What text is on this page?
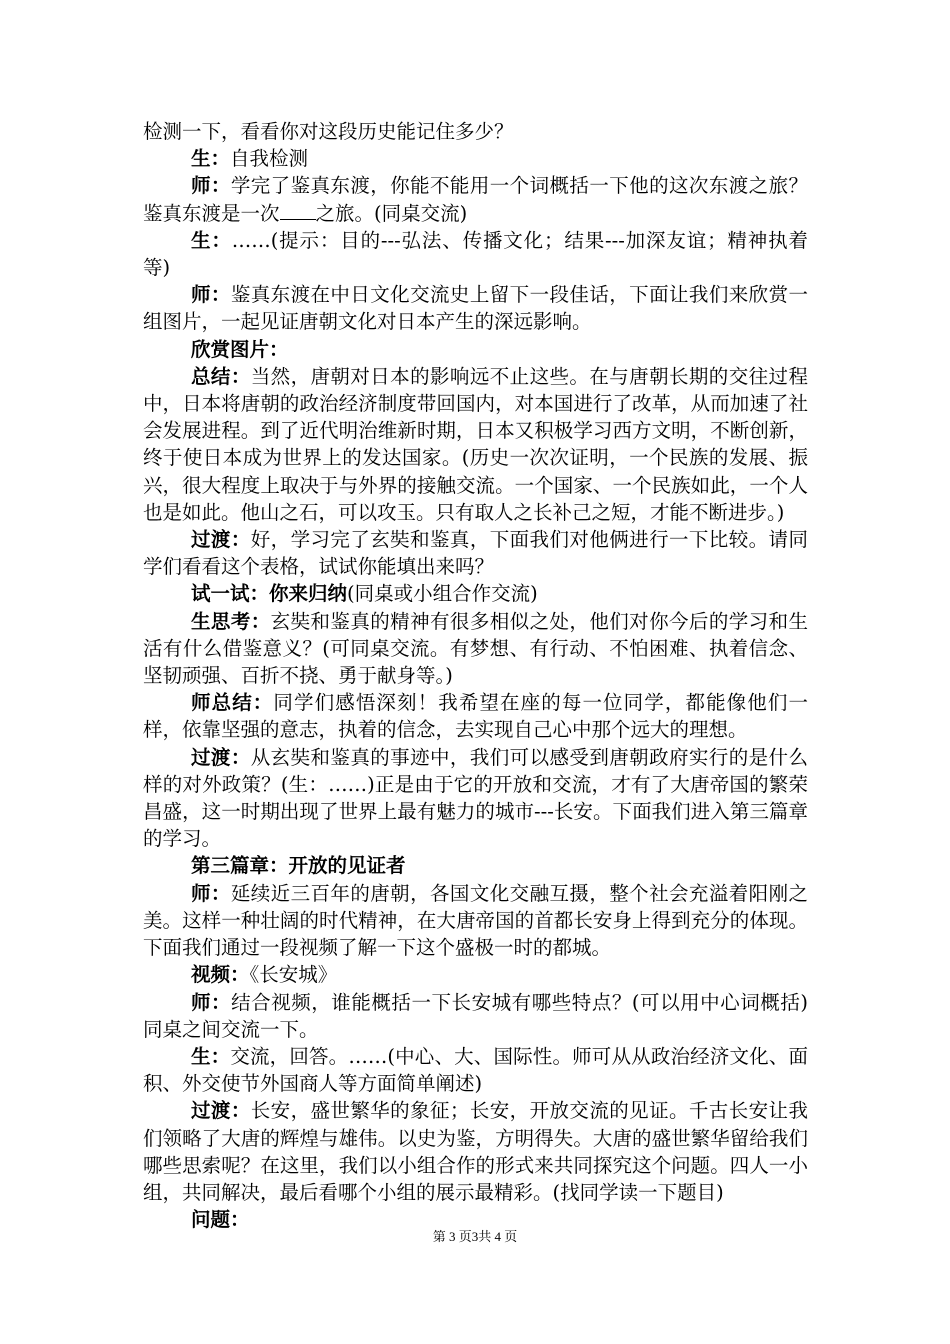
检测一下，看看你对这段历史能记住多少？

生：自我检测

师：学完了鉴真东渡，你能不能用一个词概括一下他的这次东渡之旅？鉴真东渡是一次 之旅。(同桌交流)

生：……(提示：目的---弘法、传播文化；结果---加深友谊；精神执着等)

师：鉴真东渡在中日文化交流史上留下一段佳话，下面让我们来欣赏一组图片，一起见证唐朝文化对日本产生的深远影响。

欣赏图片：

总结：当然，唐朝对日本的影响远不止这些。在与唐朝长期的交往过程中，日本将唐朝的政治经济制度带回国内，对本国进行了改革，从而加速了社会发展进程。到了近代明治维新时期，日本又积极学习西方文明，不断创新，终于使日本成为世界上的发达国家。(历史一次次证明，一个民族的发展、振兴，很大程度上取决于与外界的接触交流。一个国家、一个民族如此，一个人也是如此。他山之石，可以攻玉。只有取人之长补己之短，才能不断进步。)

过渡：好，学习完了玄奘和鉴真，下面我们对他俩进行一下比较。请同学们看看这个表格，试试你能填出来吗？

试一试：你来归纳(同桌或小组合作交流)

生思考：玄奘和鉴真的精神有很多相似之处，他们对你今后的学习和生活有什么借鉴意义？(可同桌交流。有梦想、有行动、不怕困难、执着信念、坚韧顽强、百折不挠、勇于献身等。)

师总结：同学们感悟深刻！我希望在座的每一位同学，都能像他们一样，依靠坚强的意志，执着的信念，去实现自己心中那个远大的理想。

过渡：从玄奘和鉴真的事迹中，我们可以感受到唐朝政府实行的是什么样的对外政策？(生：……)正是由于它的开放和交流，才有了大唐帝国的繁荣昌盛，这一时期出现了世界上最有魅力的城市---长安。下面我们进入第三篇章的学习。

第三篇章：开放的见证者

师：延续近三百年的唐朝，各国文化交融互摄，整个社会充溢着阳刚之美。这样一种壮阔的时代精神，在大唐帝国的首都长安身上得到充分的体现。下面我们通过一段视频了解一下这个盛极一时的都城。

视频：《长安城》

师：结合视频，谁能概括一下长安城有哪些特点？(可以用中心词概括)同桌之间交流一下。

生：交流，回答。……(中心、大、国际性。师可从从政治经济文化、面积、外交使节外国商人等方面简单阐述)

过渡：长安，盛世繁华的象征；长安，开放交流的见证。千古长安让我们领略了大唐的辉煌与雄伟。以史为鉴，方明得失。大唐的盛世繁华留给我们哪些思索呢？在这里，我们以小组合作的形式来共同探究这个问题。四人一小组，共同解决，最后看哪个小组的展示最精彩。(找同学读一下题目)

问题：

第 3 页3共 4 页
